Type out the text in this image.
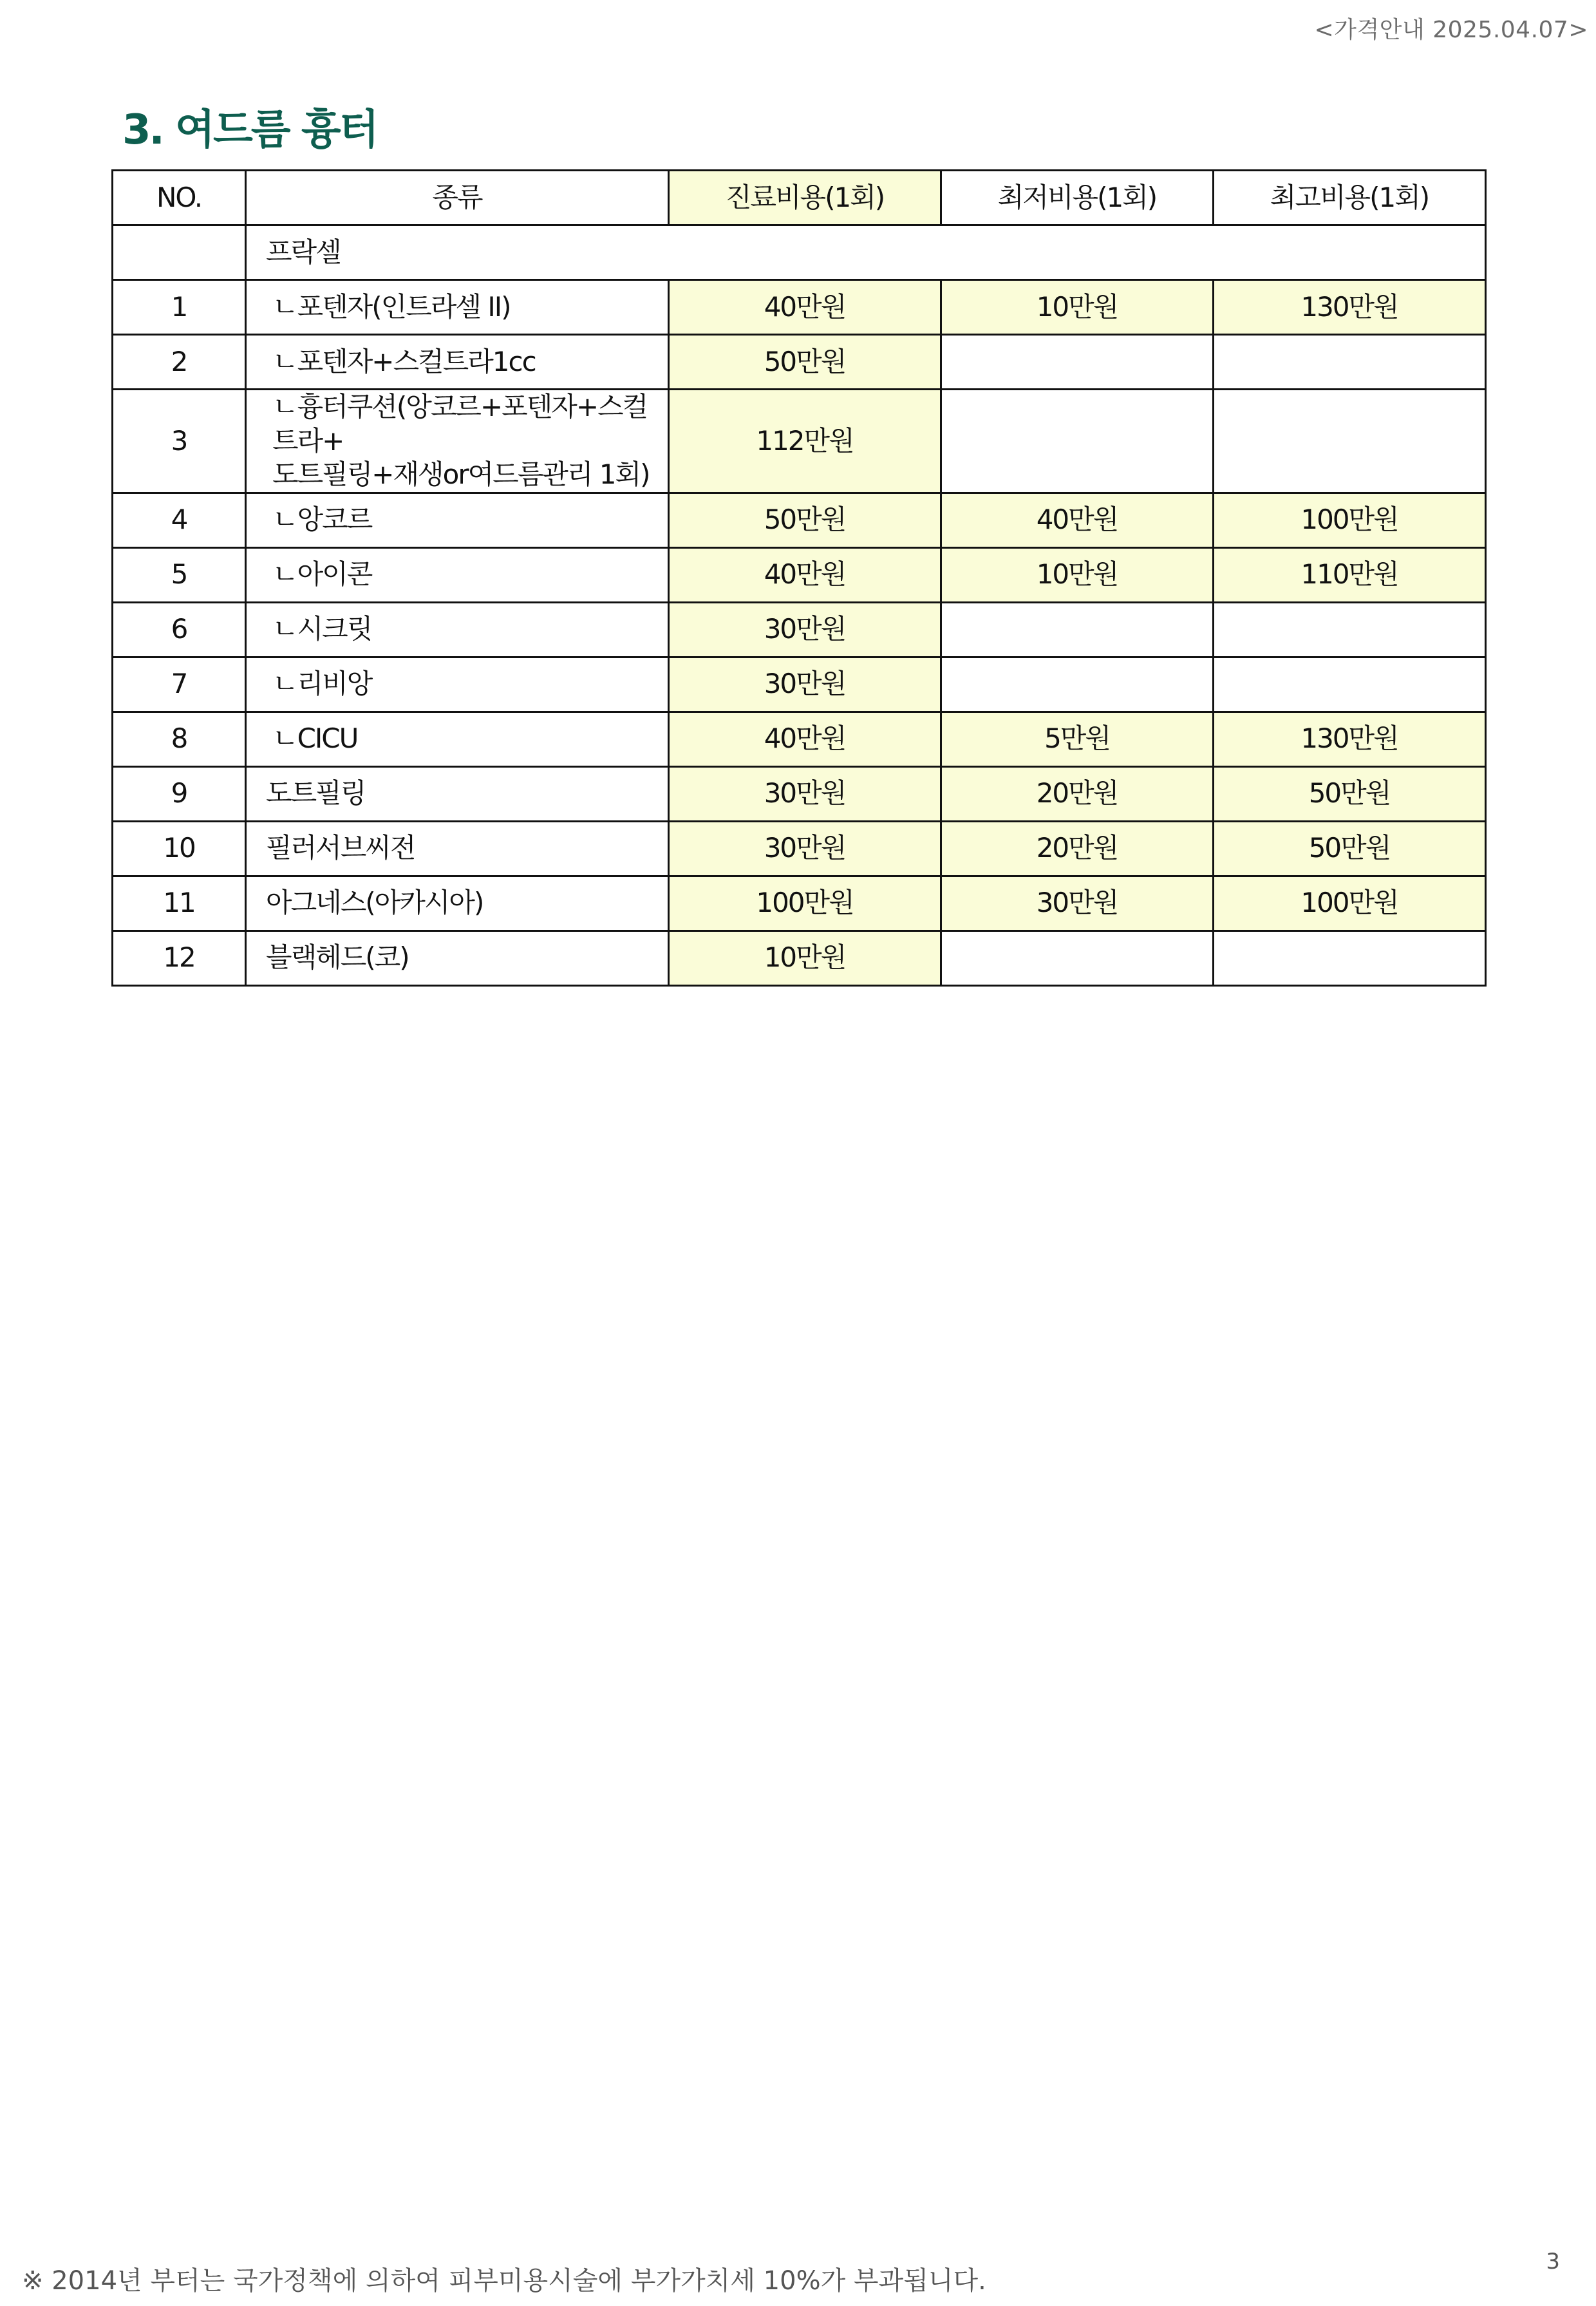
<가격안내 2025.04.07>
3. 여드름 흉터
NO.	종류	진료비용(1회)	최저비용(1회)	최고비용(1회)
	프락셀			
1	ㄴ포텐자(인트라셀 II)	40만원	10만원	130만원
2	ㄴ포텐자+스컬트라1cc	50만원		
3	ㄴ흉터쿠션(앙코르+포텐자+스컬트라+
도트필링+재생or여드름관리 1회)	112만원		
4	ㄴ앙코르	50만원	40만원	100만원
5	ㄴ아이콘	40만원	10만원	110만원
6	ㄴ시크릿	30만원		
7	ㄴ리비앙	30만원		
8	ㄴCICU	40만원	5만원	130만원
9	도트필링	30만원	20만원	50만원
10	필러서브씨전	30만원	20만원	50만원
11	아그네스(아카시아)	100만원	30만원	100만원
12	블랙헤드(코)	10만원		
※ 2014년 부터는 국가정책에 의하여 피부미용시술에 부가가치세 10%가 부과됩니다.
3
